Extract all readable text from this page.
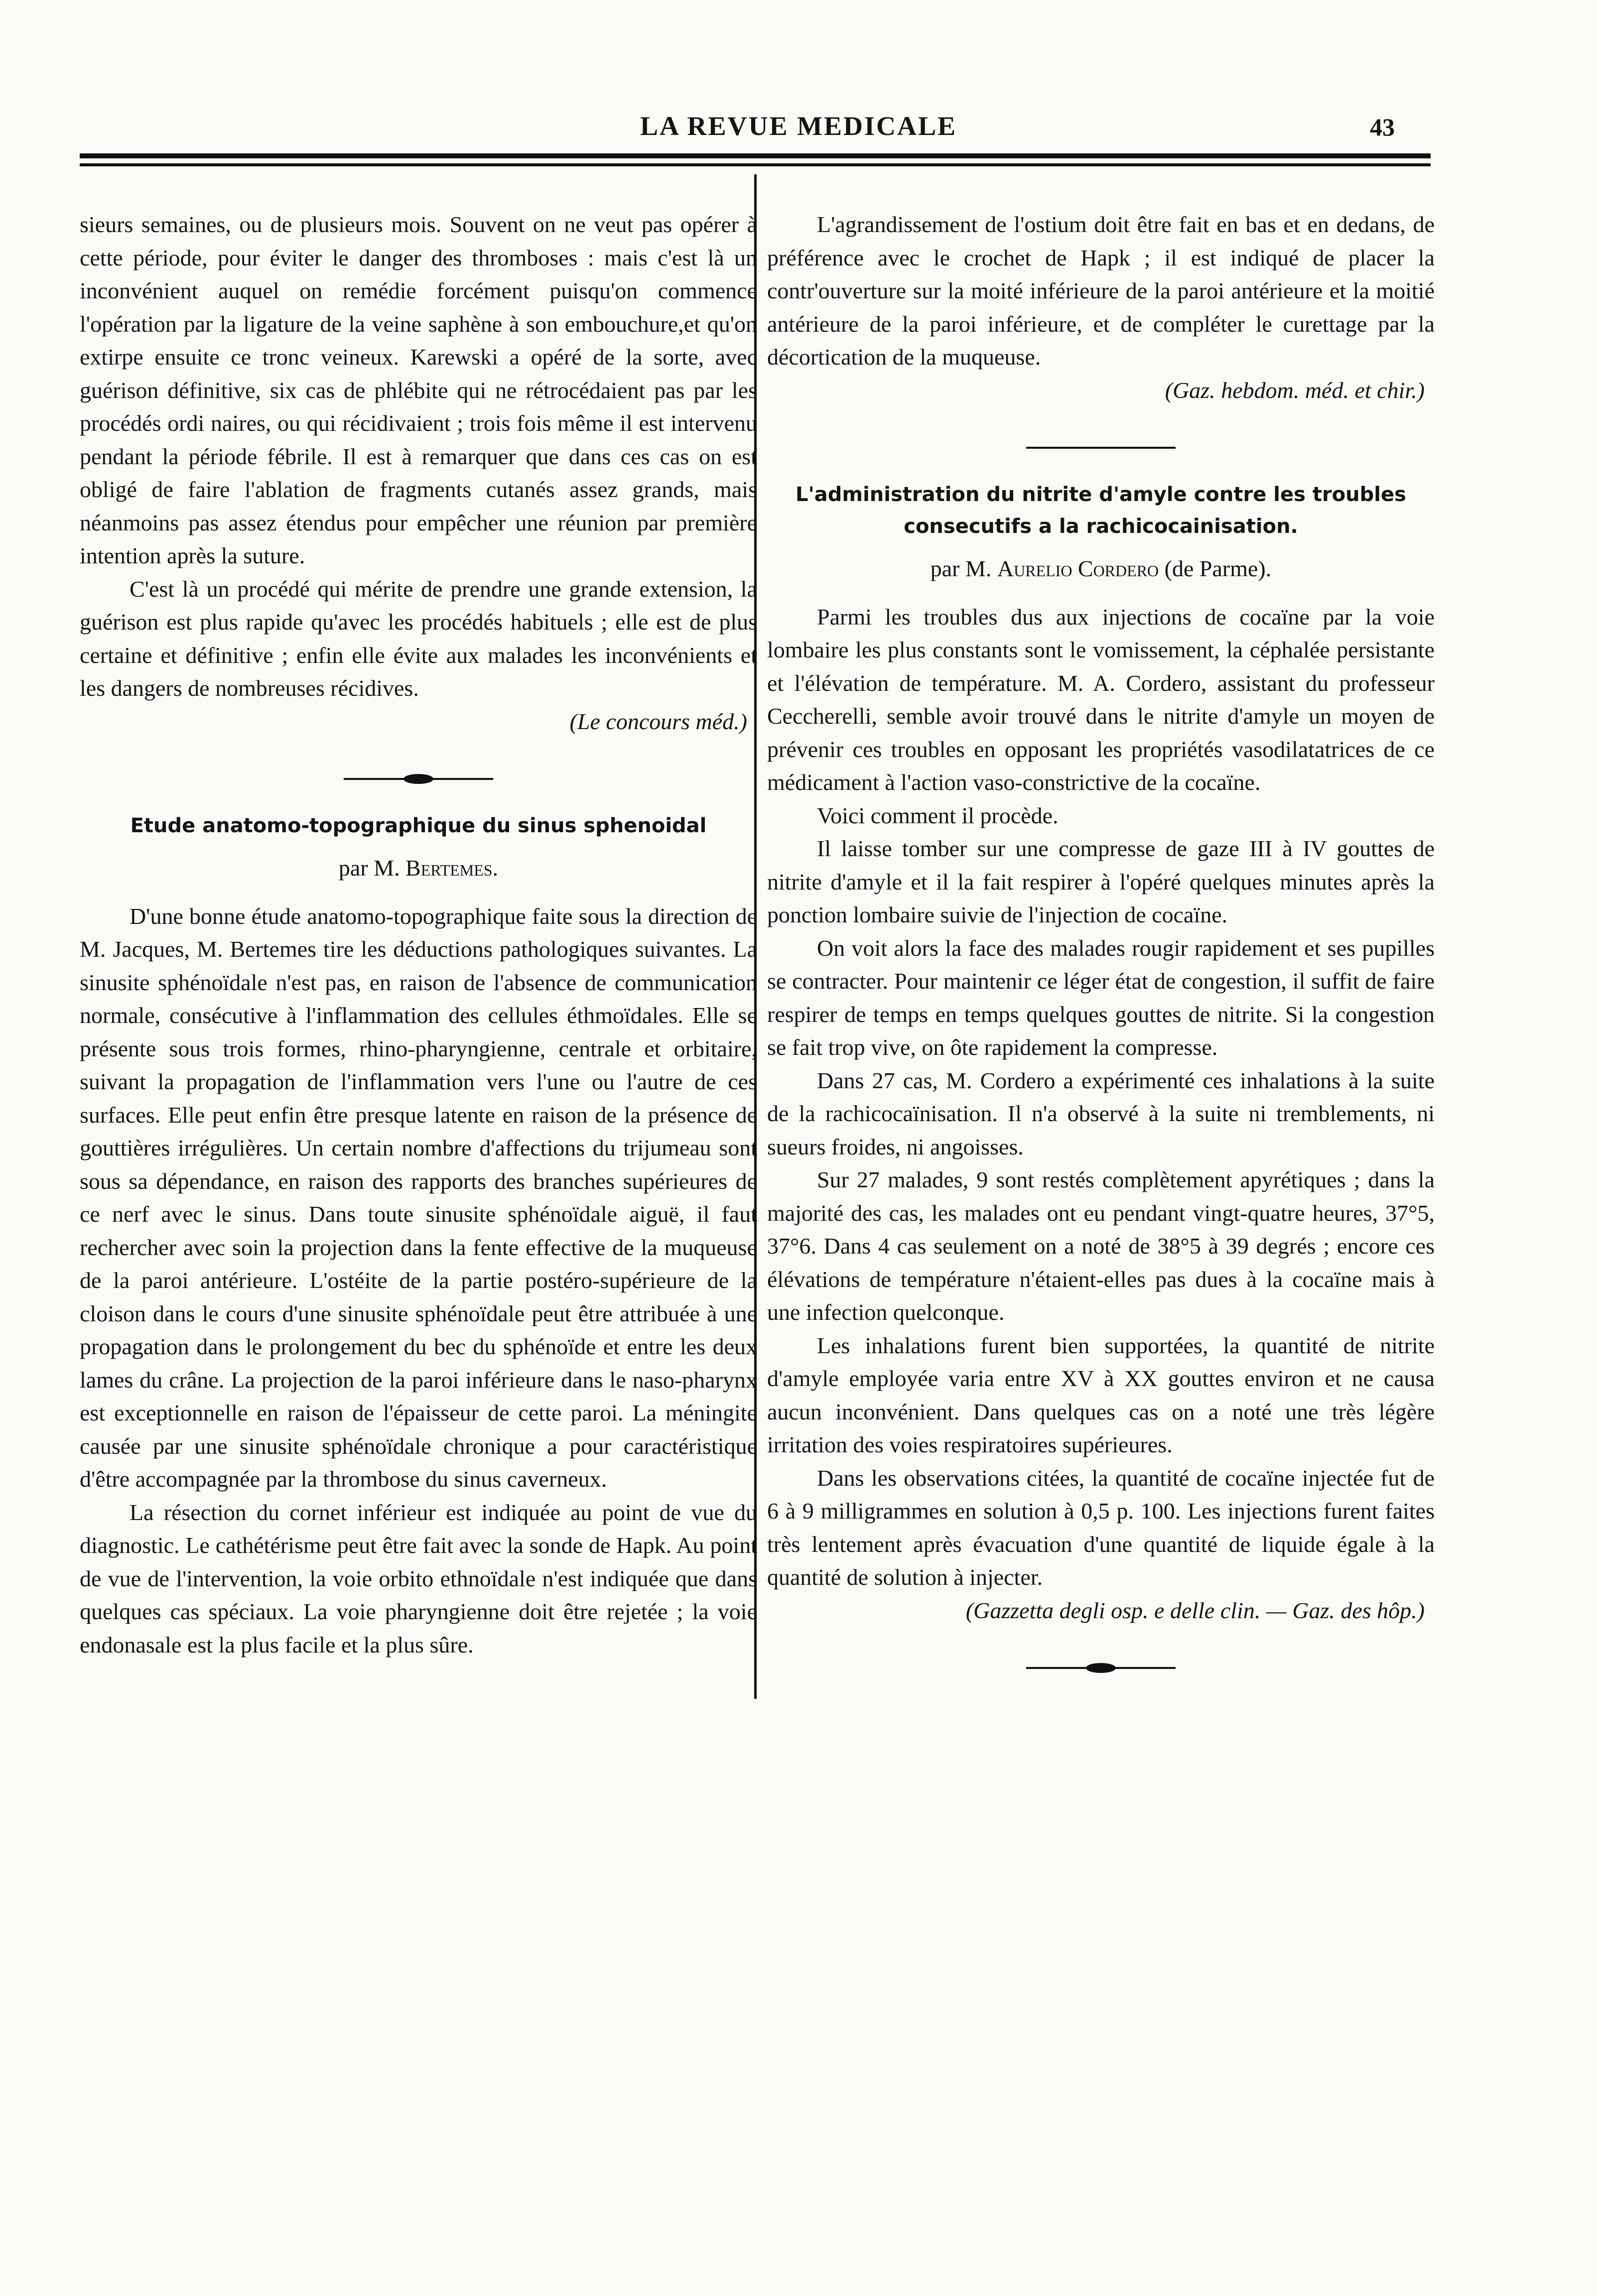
LA REVUE MEDICALE	43

sieurs semaines, ou de plusieurs mois. Souvent on ne veut pas opérer à cette période, pour éviter le danger des thromboses : mais c'est là un inconvénient auquel on remédie forcément puisqu'on commence l'opération par la ligature de la veine saphène à son embouchure,et qu'on extirpe ensuite ce tronc veineux. Karewski a opéré de la sorte, avec guérison définitive, six cas de phlébite qui ne rétrocédaient pas par les procédés ordi naires, ou qui récidivaient ; trois fois même il est intervenu pendant la période fébrile. Il est à remarquer que dans ces cas on est obligé de faire l'ablation de fragments cutanés assez grands, mais néanmoins pas assez étendus pour empêcher une réunion par première intention après la suture.

C'est là un procédé qui mérite de prendre une grande extension, la guérison est plus rapide qu'avec les procédés habituels ; elle est de plus certaine et définitive ; enfin elle évite aux malades les inconvénients et les dangers de nombreuses récidives.

(Le concours méd.)

Etude anatomo-topographique du sinus sphenoidal

par M. Bertemes.

D'une bonne étude anatomo-topographique faite sous la direction de M. Jacques, M. Bertemes tire les déductions pathologiques suivantes. La sinusite sphénoïdale n'est pas, en raison de l'absence de communication normale, consécutive à l'inflammation des cellules éthmoïdales. Elle se présente sous trois formes, rhino-pharyngienne, centrale et orbitaire, suivant la propagation de l'inflammation vers l'une ou l'autre de ces surfaces. Elle peut enfin être presque latente en raison de la présence de gouttières irrégulières. Un certain nombre d'affections du trijumeau sont sous sa dépendance, en raison des rapports des branches supérieures de ce nerf avec le sinus. Dans toute sinusite sphénoïdale aiguë, il faut rechercher avec soin la projection dans la fente effective de la muqueuse de la paroi antérieure. L'ostéite de la partie postéro-supérieure de la cloison dans le cours d'une sinusite sphénoïdale peut être attribuée à une propagation dans le prolongement du bec du sphénoïde et entre les deux lames du crâne. La projection de la paroi inférieure dans le naso-pharynx est exceptionnelle en raison de l'épaisseur de cette paroi. La méningite causée par une sinusite sphénoïdale chronique a pour caractéristique d'être accompagnée par la thrombose du sinus caverneux.

La résection du cornet inférieur est indiquée au point de vue du diagnostic. Le cathétérisme peut être fait avec la sonde de Hapk. Au point de vue de l'intervention, la voie orbito ethnoïdale n'est indiquée que dans quelques cas spéciaux. La voie pharyngienne doit être rejetée ; la voie endonasale est la plus facile et la plus sûre.

L'agrandissement de l'ostium doit être fait en bas et en dedans, de préférence avec le crochet de Hapk ; il est indiqué de placer la contr'ouverture sur la moité inférieure de la paroi antérieure et la moitié antérieure de la paroi inférieure, et de compléter le curettage par la décortication de la muqueuse.

(Gaz. hebdom. méd. et chir.)

L'administration du nitrite d'amyle contre les troubles

consecutifs a la rachicocainisation.

par M. Aurelio Cordero (de Parme).

Parmi les troubles dus aux injections de cocaïne par la voie lombaire les plus constants sont le vomissement, la céphalée persistante et l'élévation de température. M. A. Cordero, assistant du professeur Ceccherelli, semble avoir trouvé dans le nitrite d'amyle un moyen de prévenir ces troubles en opposant les propriétés vasodilatatrices de ce médicament à l'action vaso-constrictive de la cocaïne.

Voici comment il procède.

Il laisse tomber sur une compresse de gaze III à IV gouttes de nitrite d'amyle et il la fait respirer à l'opéré quelques minutes après la ponction lombaire suivie de l'injection de cocaïne.

On voit alors la face des malades rougir rapidement et ses pupilles se contracter. Pour maintenir ce léger état de congestion, il suffit de faire respirer de temps en temps quelques gouttes de nitrite. Si la congestion se fait trop vive, on ôte rapidement la compresse.

Dans 27 cas, M. Cordero a expérimenté ces inhalations à la suite de la rachicocaïnisation. Il n'a observé à la suite ni tremblements, ni sueurs froides, ni angoisses.

Sur 27 malades, 9 sont restés complètement apyrétiques ; dans la majorité des cas, les malades ont eu pendant vingt-quatre heures, 37°5, 37°6. Dans 4 cas seulement on a noté de 38°5 à 39 degrés ; encore ces élévations de température n'étaient-elles pas dues à la cocaïne mais à une infection quelconque.

Les inhalations furent bien supportées, la quantité de nitrite d'amyle employée varia entre XV à XX gouttes environ et ne causa aucun inconvénient. Dans quelques cas on a noté une très légère irritation des voies respiratoires supérieures.

Dans les observations citées, la quantité de cocaïne injectée fut de 6 à 9 milligrammes en solution à 0,5 p. 100. Les injections furent faites très lentement après évacuation d'une quantité de liquide égale à la quantité de solution à injecter.

(Gazzetta degli osp. e delle clin. — Gaz. des hôp.)
